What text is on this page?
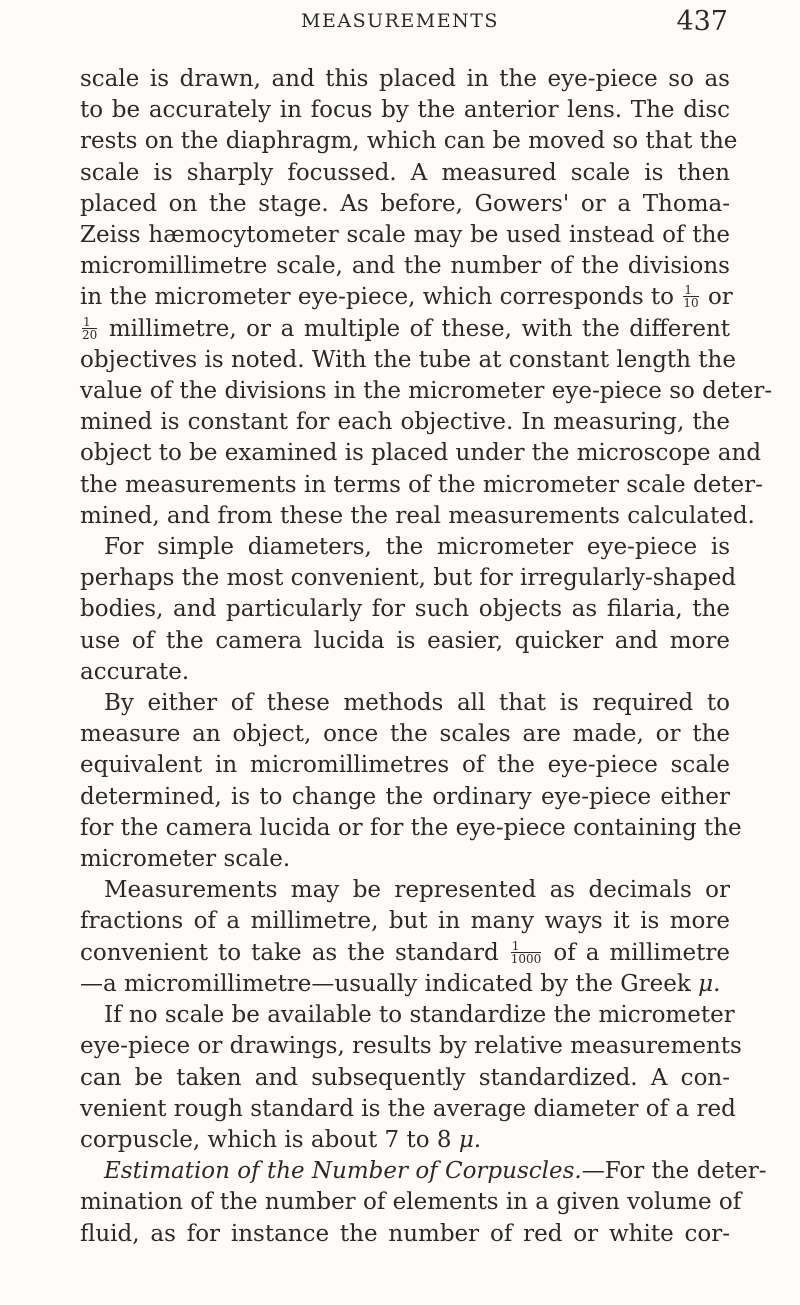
MEASUREMENTS	437
scale is drawn, and this placed in the eye-piece so as
to be accurately in focus by the anterior lens. The disc
rests on the diaphragm, which can be moved so that the
scale is sharply focussed. A measured scale is then
placed on the stage. As before, Gowers' or a Thoma-
Zeiss hæmocytometer scale may be used instead of the
micromillimetre scale, and the number of the divisions
in the micrometer eye-piece, which corresponds to $\frac{1}{10}$ or
$\frac{1}{20}$ millimetre, or a multiple of these, with the different
objectives is noted. With the tube at constant length the
value of the divisions in the micrometer eye-piece so deter-
mined is constant for each objective. In measuring, the
object to be examined is placed under the microscope and
the measurements in terms of the micrometer scale deter-
mined, and from these the real measurements calculated.
For simple diameters, the micrometer eye-piece is
perhaps the most convenient, but for irregularly-shaped
bodies, and particularly for such objects as filaria, the
use of the camera lucida is easier, quicker and more
accurate.
By either of these methods all that is required to
measure an object, once the scales are made, or the
equivalent in micromillimetres of the eye-piece scale
determined, is to change the ordinary eye-piece either
for the camera lucida or for the eye-piece containing the
micrometer scale.
Measurements may be represented as decimals or
fractions of a millimetre, but in many ways it is more
convenient to take as the standard $\frac{1}{1000}$ of a millimetre
—a micromillimetre—usually indicated by the Greek μ.
If no scale be available to standardize the micrometer
eye-piece or drawings, results by relative measurements
can be taken and subsequently standardized. A con-
venient rough standard is the average diameter of a red
corpuscle, which is about 7 to 8 μ.
Estimation of the Number of Corpuscles.—For the deter-
mination of the number of elements in a given volume of
fluid, as for instance the number of red or white cor-
